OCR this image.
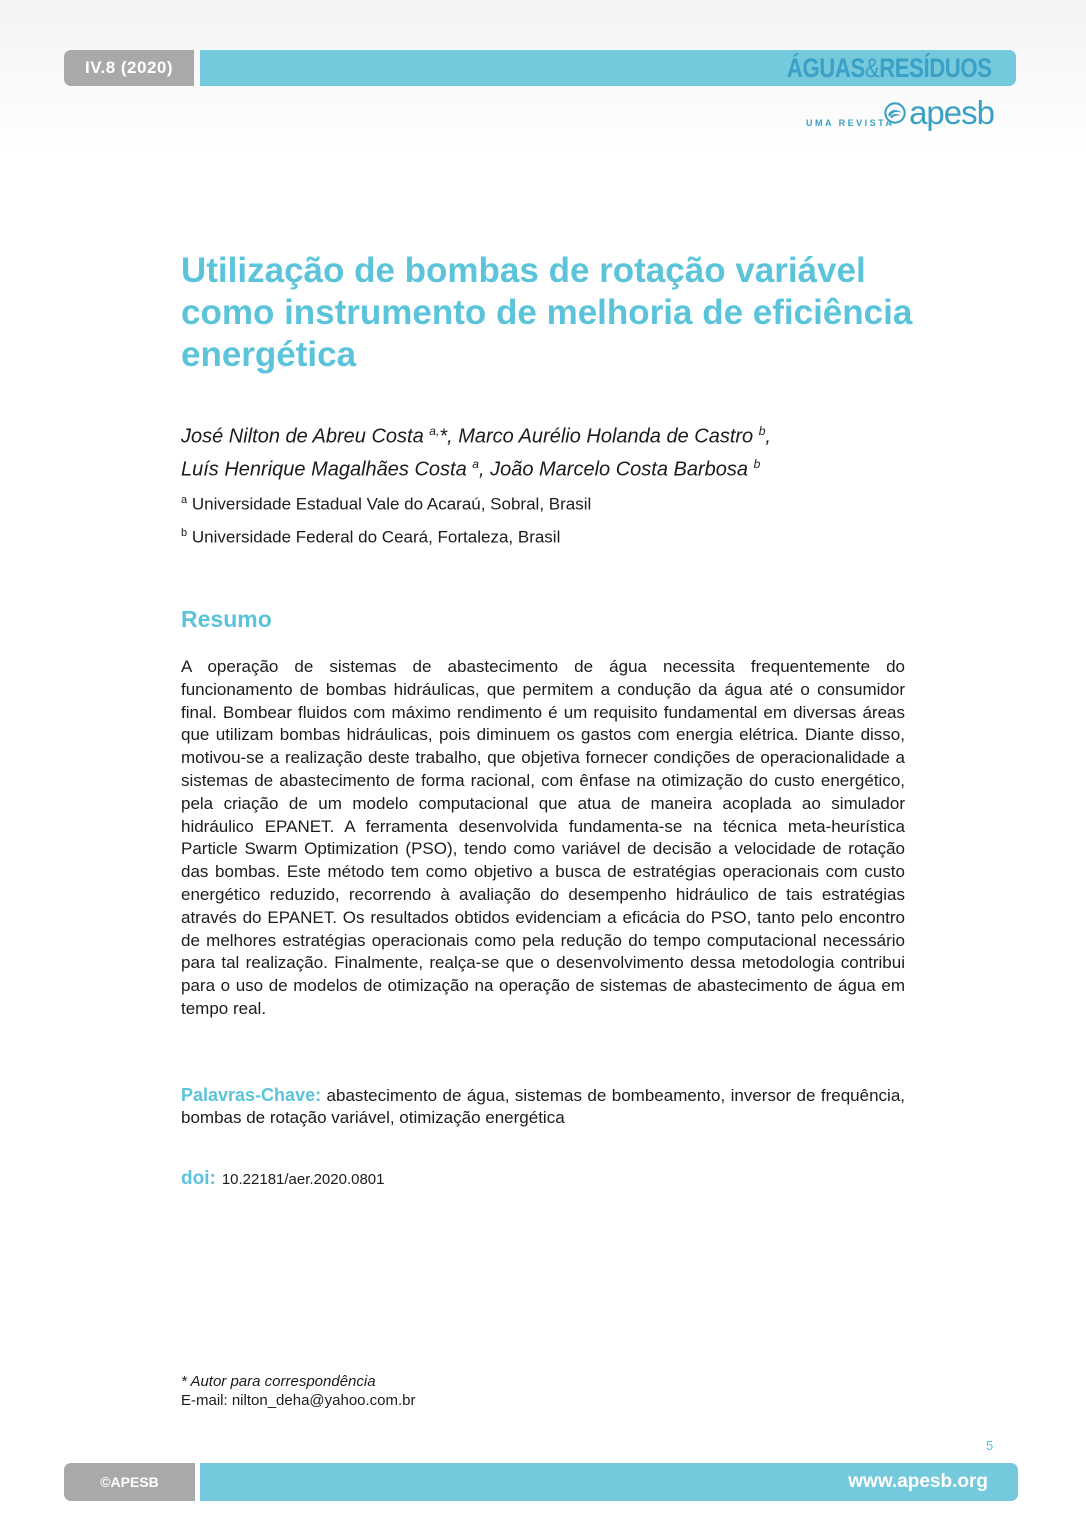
IV.8 (2020)	ÁGUAS&RESÍDUOS
UMA REVISTA apesb
Utilização de bombas de rotação variável como instrumento de melhoria de eficiência energética
José Nilton de Abreu Costa $^{a,}$*, Marco Aurélio Holanda de Castro $^b$,
Luís Henrique Magalhães Costa $^a$, João Marcelo Costa Barbosa $^b$
$^a$ Universidade Estadual Vale do Acaraú, Sobral, Brasil
$^b$ Universidade Federal do Ceará, Fortaleza, Brasil
Resumo

A operação de sistemas de abastecimento de água necessita frequentemente do funcionamento de bombas hidráulicas, que permitem a condução da água até o consumidor final. Bombear fluidos com máximo rendimento é um requisito fundamental em diversas áreas que utilizam bombas hidráulicas, pois diminuem os gastos com energia elétrica. Diante disso, motivou-se a realização deste trabalho, que objetiva fornecer condições de operacionalidade a sistemas de abastecimento de forma racional, com ênfase na otimização do custo energético, pela criação de um modelo computacional que atua de maneira acoplada ao simulador hidráulico EPANET. A ferramenta desenvolvida fundamenta-se na técnica meta-heurística Particle Swarm Optimization (PSO), tendo como variável de decisão a velocidade de rotação das bombas. Este método tem como objetivo a busca de estratégias operacionais com custo energético reduzido, recorrendo à avaliação do desempenho hidráulico de tais estratégias através do EPANET. Os resultados obtidos evidenciam a eficácia do PSO, tanto pelo encontro de melhores estratégias operacionais como pela redução do tempo computacional necessário para tal realização. Finalmente, realça-se que o desenvolvimento dessa metodologia contribui para o uso de modelos de otimização na operação de sistemas de abastecimento de água em tempo real.

Palavras-Chave: abastecimento de água, sistemas de bombeamento, inversor de frequência, bombas de rotação variável, otimização energética

doi: 10.22181/aer.2020.0801
* Autor para correspondência
E-mail: nilton_deha@yahoo.com.br
5
©APESB	www.apesb.org
